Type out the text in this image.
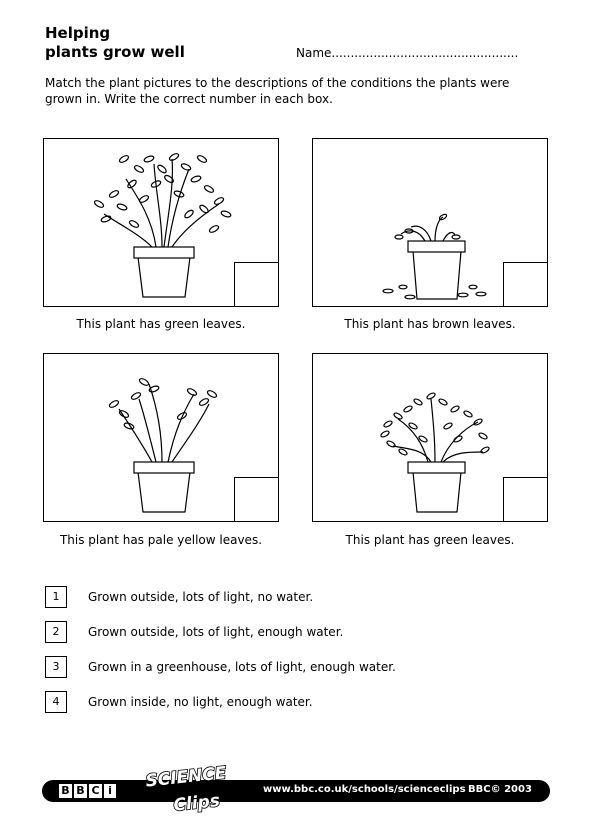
Helping
plants grow well	Name.................................................
Match the plant pictures to the descriptions of the conditions the plants were grown in. Write the correct number in each box.
This plant has green leaves.	This plant has brown leaves.
This plant has pale yellow leaves.	This plant has green leaves.
1	Grown outside, lots of light, no water.
2	Grown outside, lots of light, enough water.
3	Grown in a greenhouse, lots of light, enough water.
4	Grown inside, no light, enough water.
B B C i	www.bbc.co.uk/schools/scienceclips BBC© 2003
SCIENCE
Clips
